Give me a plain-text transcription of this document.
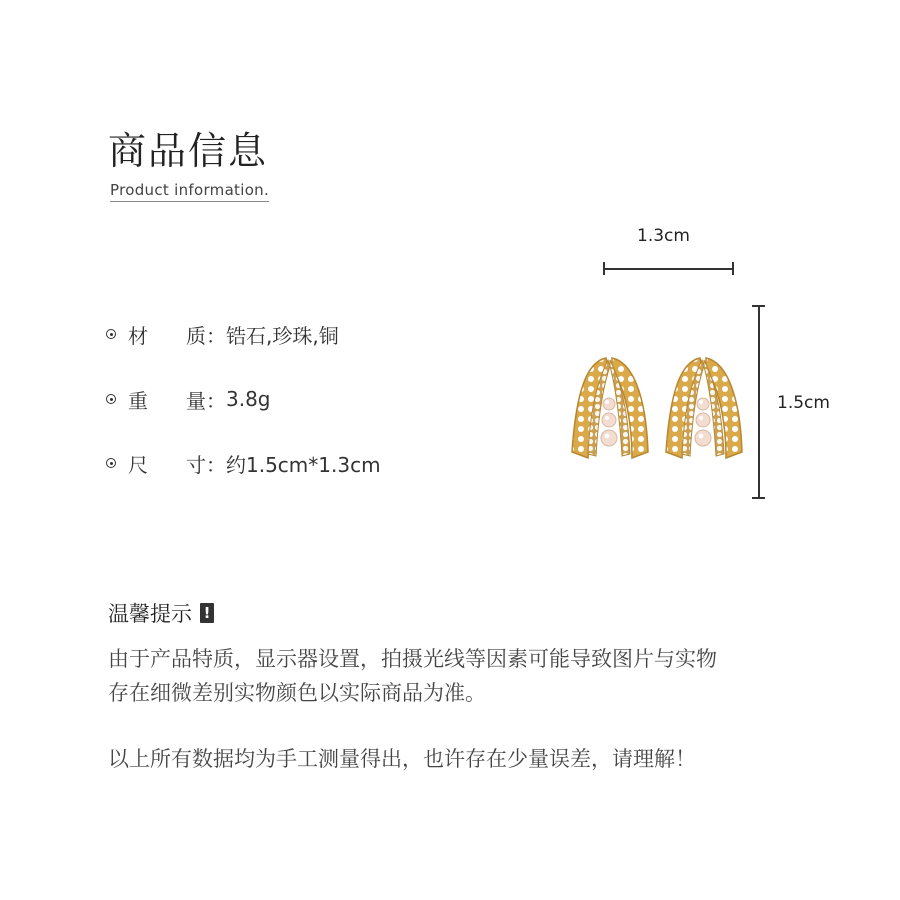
商品信息
Product information.
材 质： 锆石,珍珠,铜
重 量： 3.8g
尺 寸： 约1.5cm*1.3cm
1.3cm
1.5cm
温馨提示 !
由于产品特质，显示器设置，拍摄光线等因素可能导致图片与实物
存在细微差别实物颜色以实际商品为准。
以上所有数据均为手工测量得出，也许存在少量误差，请理解！
